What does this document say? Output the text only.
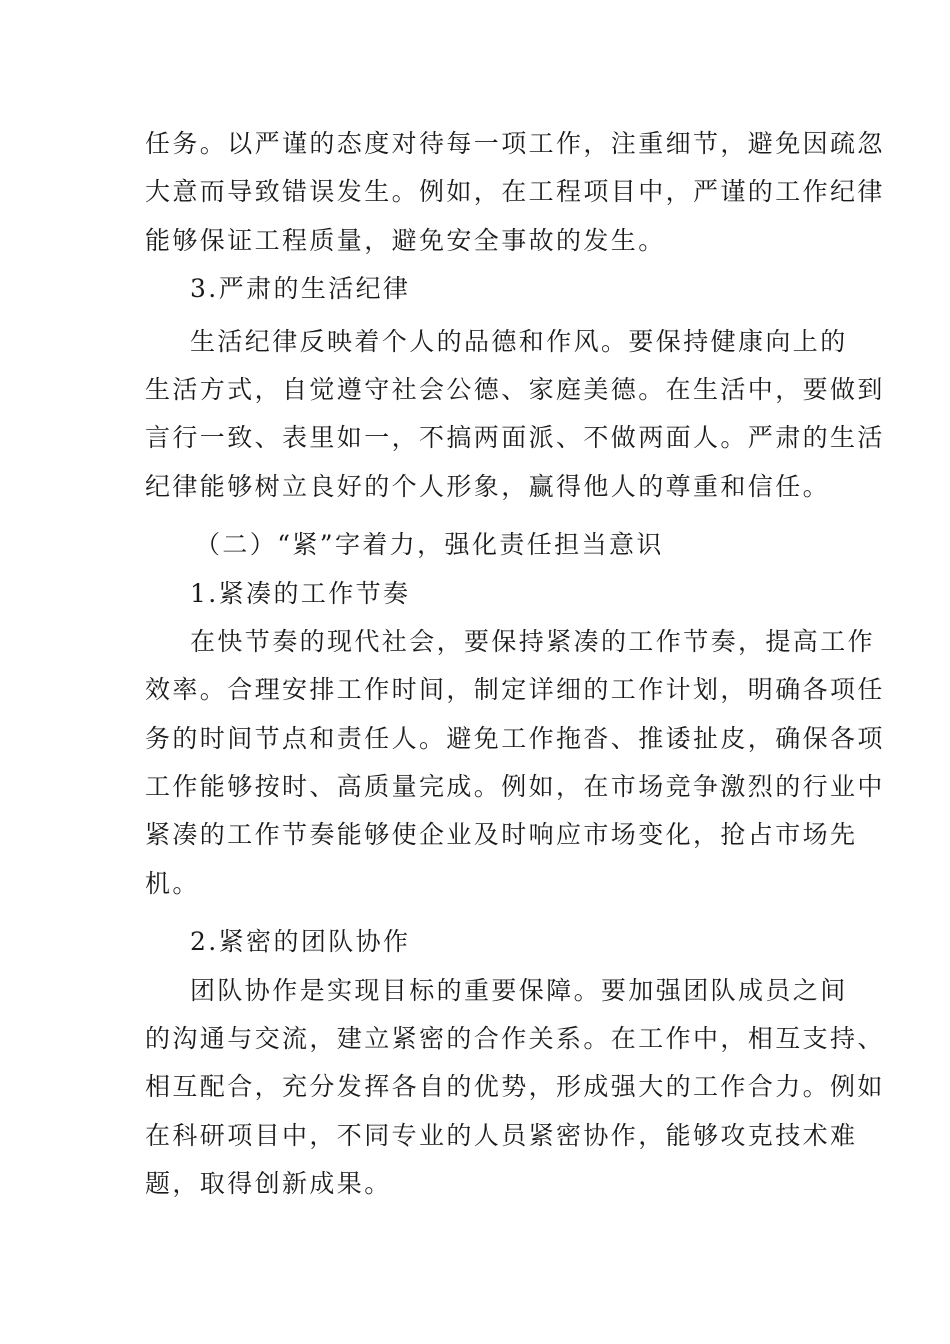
任务。以严谨的态度对待每一项工作，注重细节，避免因疏忽
大意而导致错误发生。例如，在工程项目中，严谨的工作纪律
能够保证工程质量，避免安全事故的发生。
3.严肃的生活纪律
生活纪律反映着个人的品德和作风。要保持健康向上的
生活方式，自觉遵守社会公德、家庭美德。在生活中，要做到
言行一致、表里如一，不搞两面派、不做两面人。严肃的生活
纪律能够树立良好的个人形象，赢得他人的尊重和信任。
（二）“紧”字着力，强化责任担当意识
1.紧凑的工作节奏
在快节奏的现代社会，要保持紧凑的工作节奏，提高工作
效率。合理安排工作时间，制定详细的工作计划，明确各项任
务的时间节点和责任人。避免工作拖沓、推诿扯皮，确保各项
工作能够按时、高质量完成。例如，在市场竞争激烈的行业中
紧凑的工作节奏能够使企业及时响应市场变化，抢占市场先
机。
2.紧密的团队协作
团队协作是实现目标的重要保障。要加强团队成员之间
的沟通与交流，建立紧密的合作关系。在工作中，相互支持、
相互配合，充分发挥各自的优势，形成强大的工作合力。例如
在科研项目中，不同专业的人员紧密协作，能够攻克技术难
题，取得创新成果。
